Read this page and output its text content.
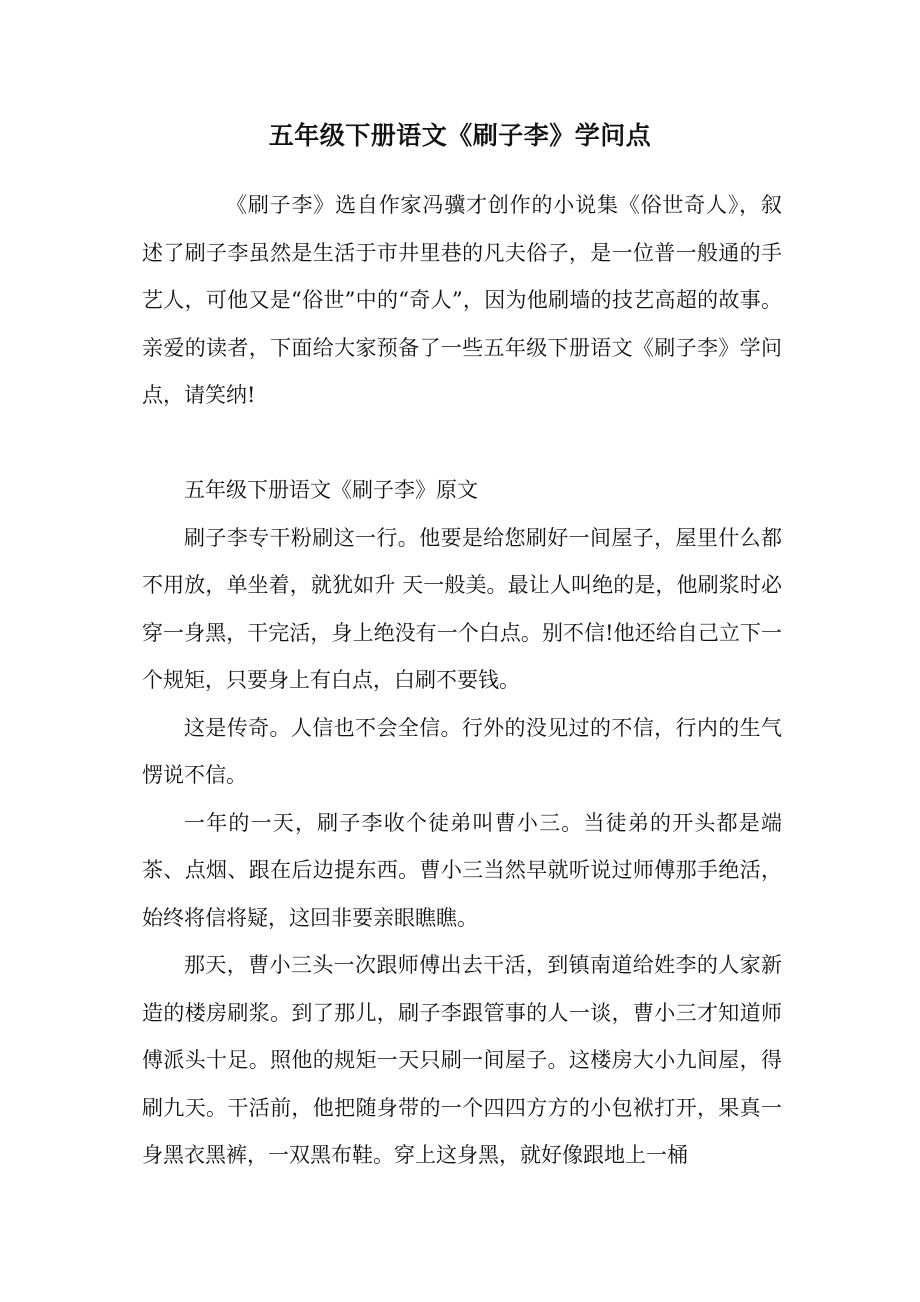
五年级下册语文《刷子李》学问点

《刷子李》选自作家冯骥才创作的小说集《俗世奇人》，叙述了刷子李虽然是生活于市井里巷的凡夫俗子，是一位普一般通的手艺人，可他又是“俗世”中的“奇人”，因为他刷墙的技艺高超的故事。亲爱的读者，下面给大家预备了一些五年级下册语文《刷子李》学问点，请笑纳!

五年级下册语文《刷子李》原文

刷子李专干粉刷这一行。他要是给您刷好一间屋子，屋里什么都不用放，单坐着，就犹如升 天一般美。最让人叫绝的是，他刷浆时必穿一身黑，干完活，身上绝没有一个白点。别不信!他还给自己立下一个规矩，只要身上有白点，白刷不要钱。

这是传奇。人信也不会全信。行外的没见过的不信，行内的生气愣说不信。

一年的一天，刷子李收个徒弟叫曹小三。当徒弟的开头都是端茶、点烟、跟在后边提东西。曹小三当然早就听说过师傅那手绝活，始终将信将疑，这回非要亲眼瞧瞧。

那天，曹小三头一次跟师傅出去干活，到镇南道给姓李的人家新造的楼房刷浆。到了那儿，刷子李跟管事的人一谈，曹小三才知道师傅派头十足。照他的规矩一天只刷一间屋子。这楼房大小九间屋，得刷九天。干活前，他把随身带的一个四四方方的小包袱打开，果真一身黑衣黑裤，一双黑布鞋。穿上这身黑，就好像跟地上一桶
